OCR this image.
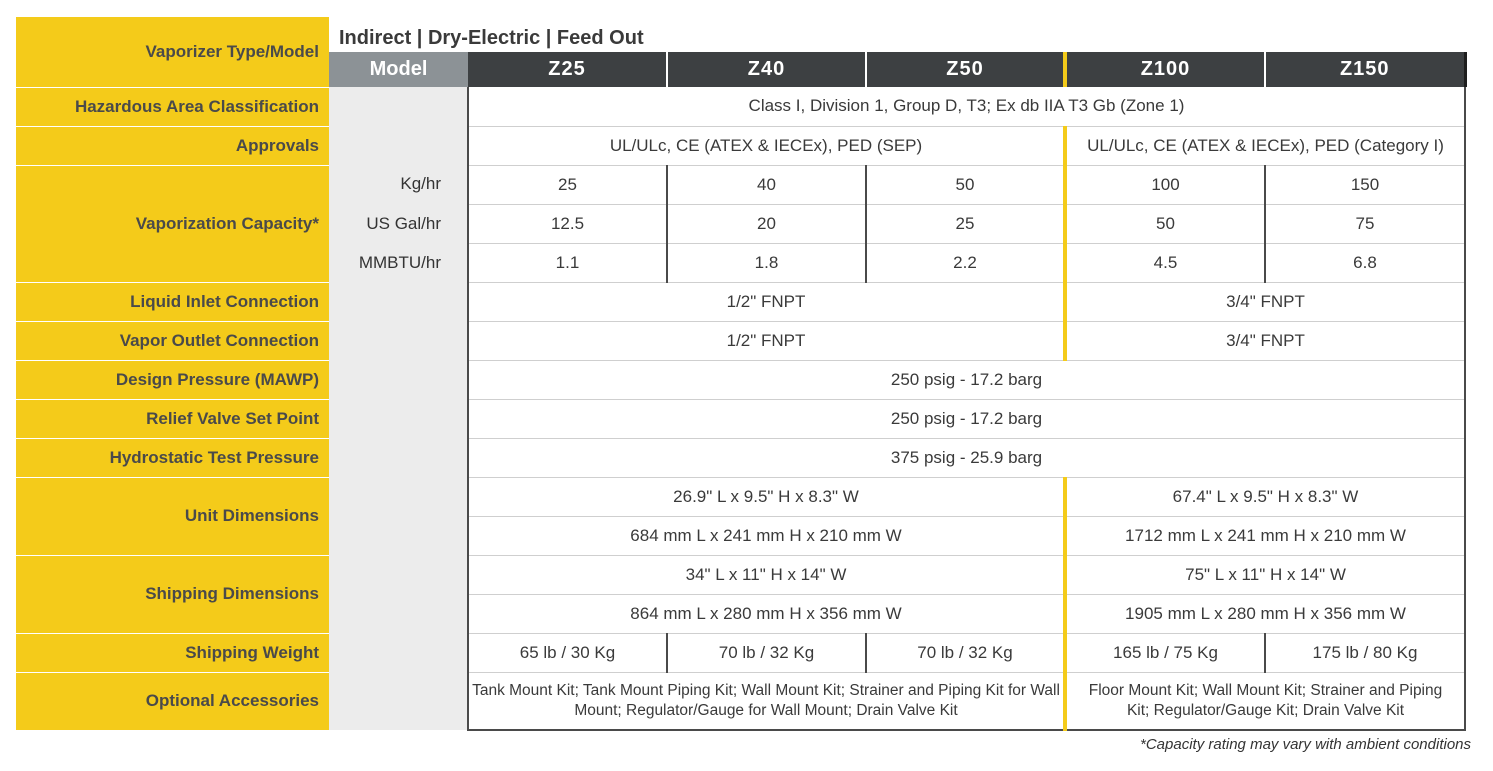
Vaporizer Type/Model	Indirect | Dry-Electric | Feed Out					
	Model	Z25	Z40	Z50	Z100	Z150
Hazardous Area Classification		Class I, Division 1, Group D, T3; Ex db IIA T3 Gb (Zone 1)				
Approvals		UL/ULc, CE (ATEX & IECEx), PED (SEP)			UL/ULc, CE (ATEX & IECEx), PED (Category I)	
Vaporization Capacity*	Kg/hr	25	40	50	100	150
	US Gal/hr	12.5	20	25	50	75
	MMBTU/hr	1.1	1.8	2.2	4.5	6.8
Liquid Inlet Connection		1/2" FNPT			3/4" FNPT	
Vapor Outlet Connection		1/2" FNPT			3/4" FNPT	
Design Pressure (MAWP)		250 psig - 17.2 barg				
Relief Valve Set Point		250 psig - 17.2 barg				
Hydrostatic Test Pressure		375 psig - 25.9 barg				
Unit Dimensions		26.9" L x 9.5" H x 8.3" W			67.4" L x 9.5" H x 8.3" W	
		684 mm L x 241 mm H x 210 mm W			1712 mm L x 241 mm H x 210 mm W	
Shipping Dimensions		34" L x 11" H x 14" W			75" L x 11" H x 14" W	
		864 mm L x 280 mm H x 356 mm W			1905 mm L x 280 mm H x 356 mm W	
Shipping Weight		65 lb / 30 Kg	70 lb / 32 Kg	70 lb / 32 Kg	165 lb / 75 Kg	175 lb / 80 Kg
Optional Accessories		Tank Mount Kit; Tank Mount Piping Kit; Wall Mount Kit; Strainer and Piping Kit for Wall Mount; Regulator/Gauge for Wall Mount; Drain Valve Kit			Floor Mount Kit; Wall Mount Kit; Strainer and Piping Kit; Regulator/Gauge Kit; Drain Valve Kit	
*Capacity rating may vary with ambient conditions
